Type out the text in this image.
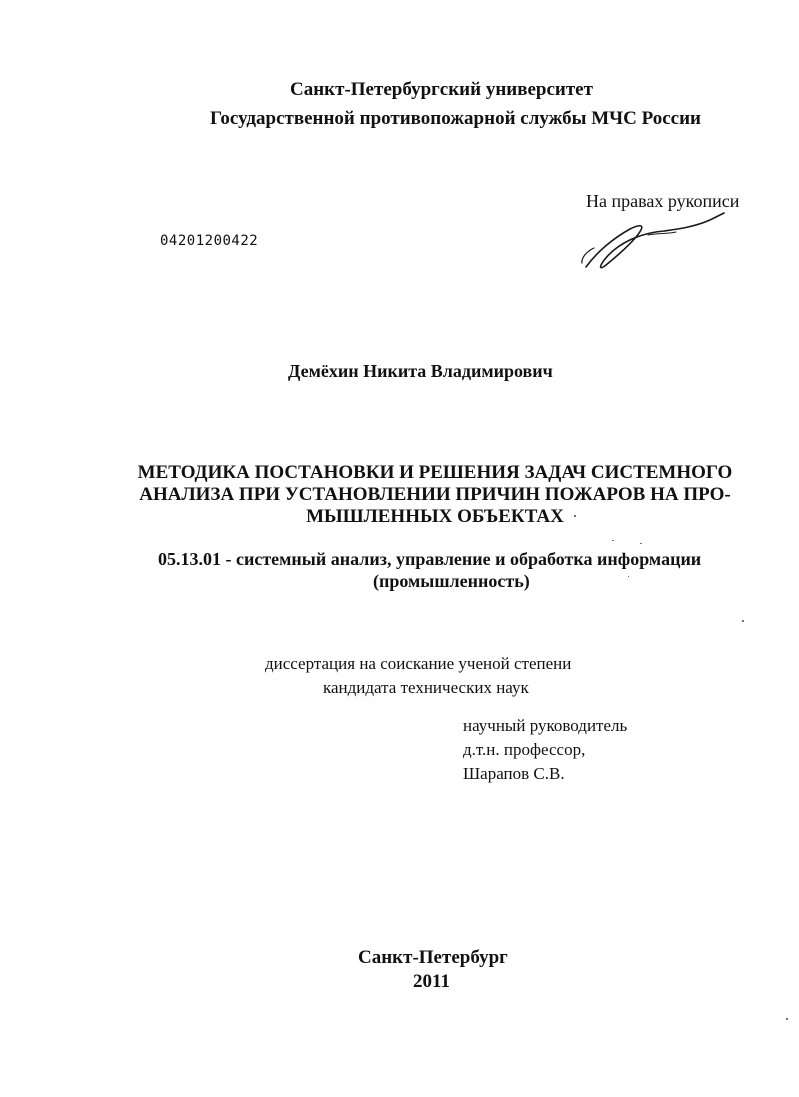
Санкт-Петербургский университет

Государственной противопожарной службы МЧС России

На правах рукописи

04201200422

Демёхин Никита Владимирович

МЕТОДИКА ПОСТАНОВКИ И РЕШЕНИЯ ЗАДАЧ СИСТЕМНОГО
АНАЛИЗА ПРИ УСТАНОВЛЕНИИ ПРИЧИН ПОЖАРОВ НА ПРО-
МЫШЛЕННЫХ ОБЪЕКТАХ

05.13.01 - системный анализ, управление и обработка информации

(промышленность)

диссертация на соискание ученой степени

кандидата технических наук

научный руководитель

д.т.н. профессор,

Шарапов С.В.

Санкт-Петербург

2011
